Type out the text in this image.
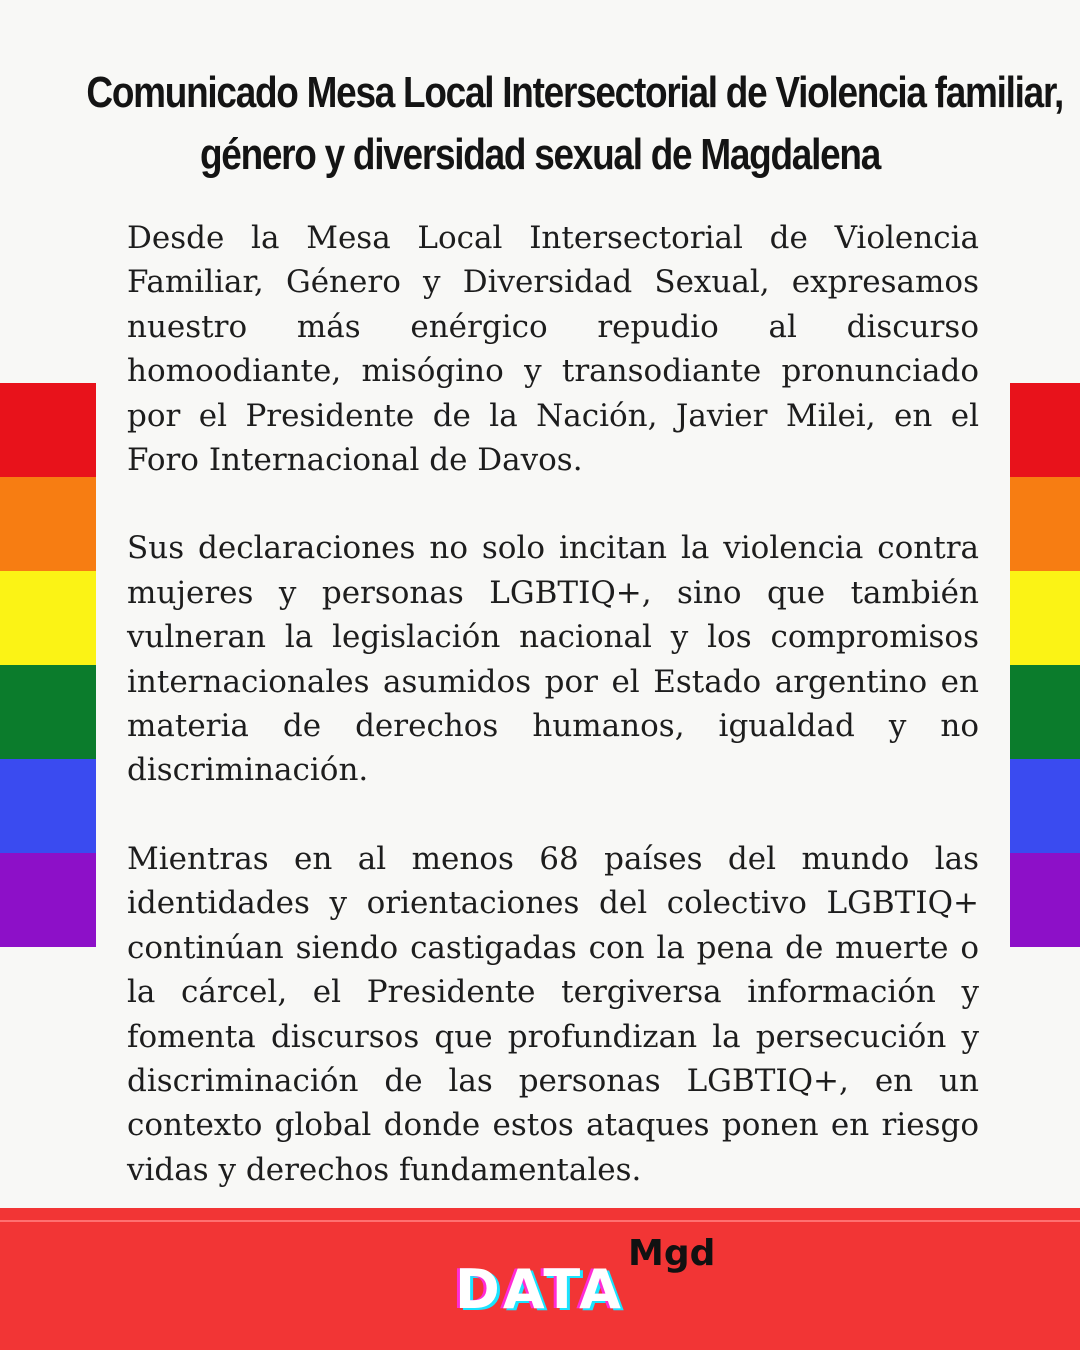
Comunicado Mesa Local Intersectorial de Violencia familiar,
género y diversidad sexual de Magdalena

Desde la Mesa Local Intersectorial de Violencia Familiar, Género y Diversidad Sexual, expresamos nuestro más enérgico repudio al discurso homoodiante, misógino y transodiante pronunciado por el Presidente de la Nación, Javier Milei, en el Foro Internacional de Davos.

Sus declaraciones no solo incitan la violencia contra mujeres y personas LGBTIQ+, sino que también vulneran la legislación nacional y los compromisos internacionales asumidos por el Estado argentino en materia de derechos humanos, igualdad y no discriminación.

Mientras en al menos 68 países del mundo las identidades y orientaciones del colectivo LGBTIQ+ continúan siendo castigadas con la pena de muerte o la cárcel, el Presidente tergiversa información y fomenta discursos que profundizan la persecución y discriminación de las personas LGBTIQ+, en un contexto global donde estos ataques ponen en riesgo vidas y derechos fundamentales.

DATA
Mgd
